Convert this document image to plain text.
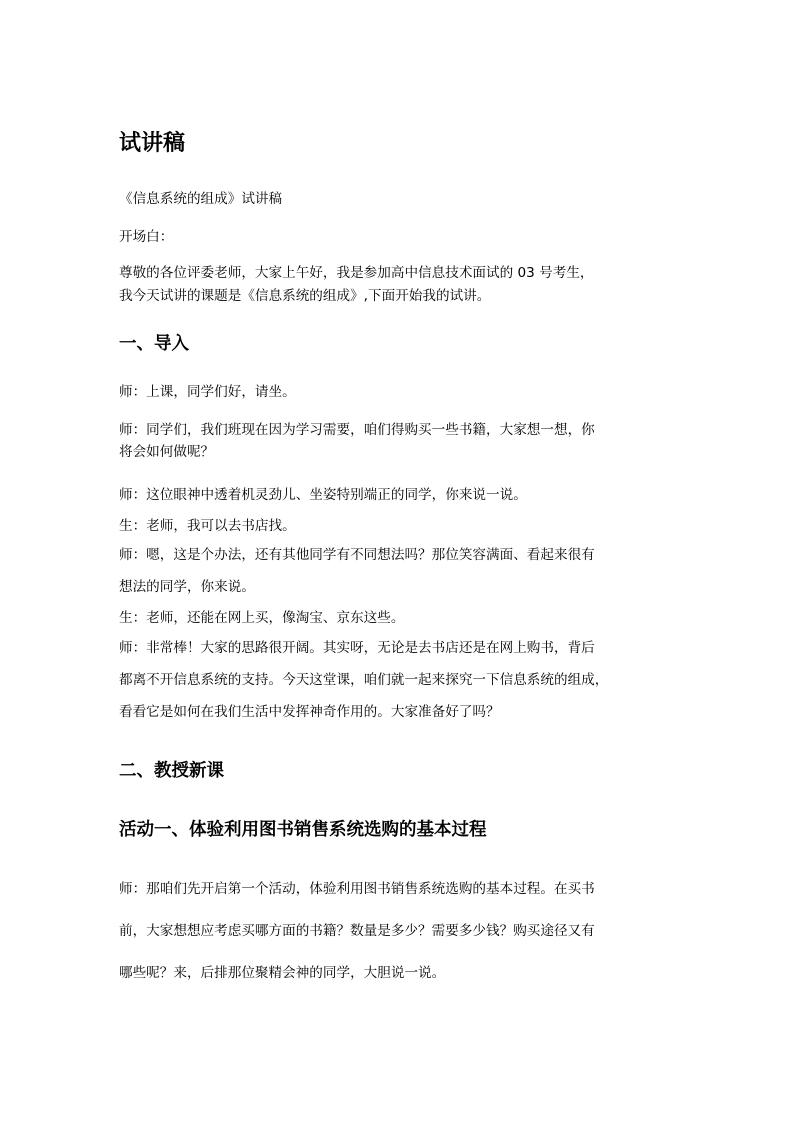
试讲稿

《信息系统的组成》试讲稿

开场白：

尊敬的各位评委老师，大家上午好，我是参加高中信息技术面试的 03 号考生，

我今天试讲的课题是《信息系统的组成》,下面开始我的试讲。

一、导入

师：上课，同学们好，请坐。

师：同学们，我们班现在因为学习需要，咱们得购买一些书籍，大家想一想，你

将会如何做呢？

师：这位眼神中透着机灵劲儿、坐姿特别端正的同学，你来说一说。

生：老师，我可以去书店找。

师：嗯，这是个办法，还有其他同学有不同想法吗？那位笑容满面、看起来很有

想法的同学，你来说。

生：老师，还能在网上买，像淘宝、京东这些。

师：非常棒！大家的思路很开阔。其实呀，无论是去书店还是在网上购书，背后

都离不开信息系统的支持。今天这堂课，咱们就一起来探究一下信息系统的组成，

看看它是如何在我们生活中发挥神奇作用的。大家准备好了吗？

二、教授新课
活动一、体验利用图书销售系统选购的基本过程

师：那咱们先开启第一个活动，体验利用图书销售系统选购的基本过程。在买书

前，大家想想应考虑买哪方面的书籍？数量是多少？需要多少钱？购买途径又有

哪些呢？来，后排那位聚精会神的同学，大胆说一说。
